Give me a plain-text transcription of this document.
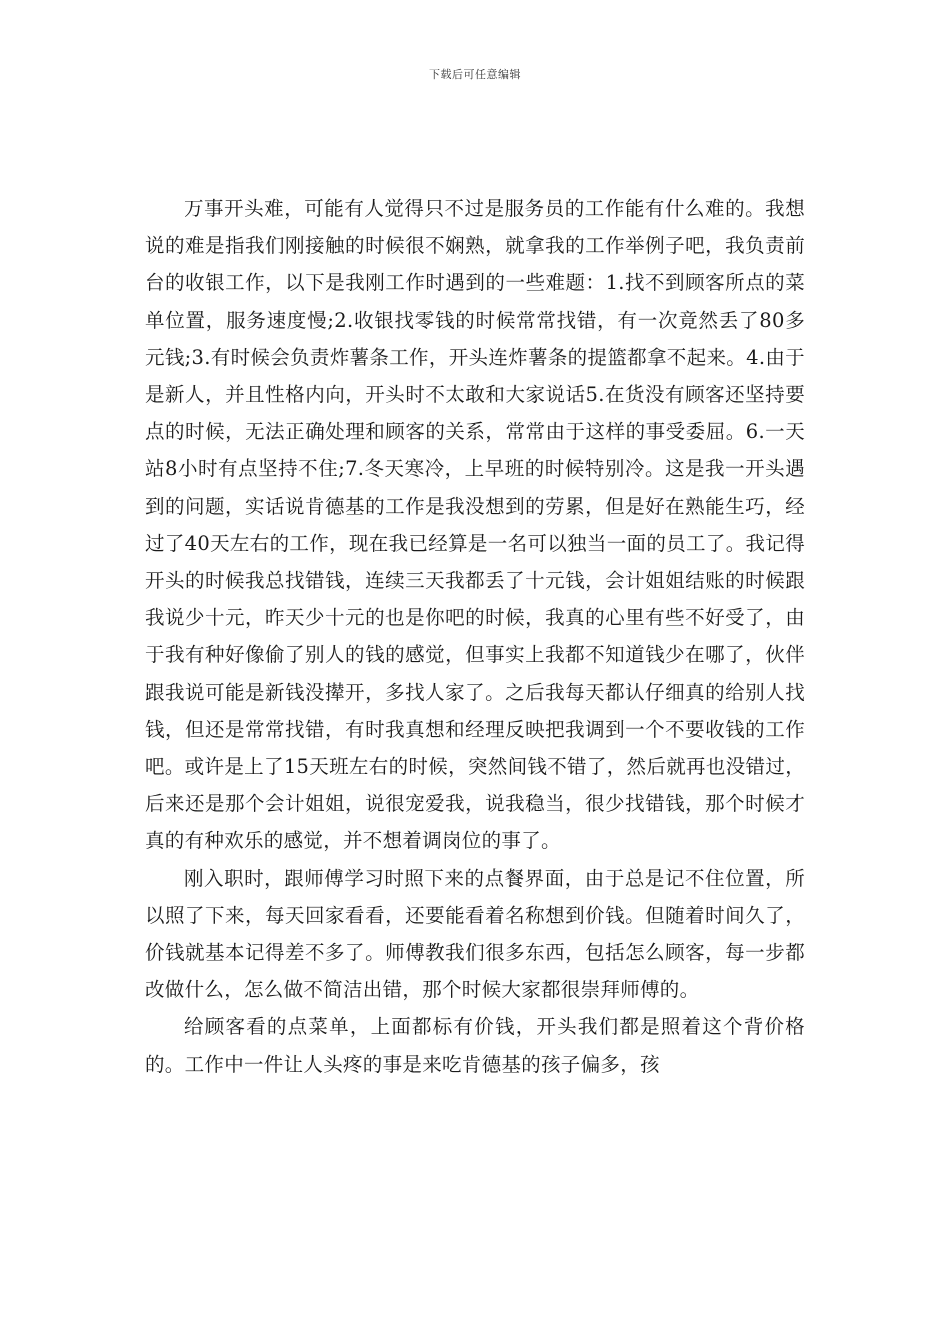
下载后可任意编辑

万事开头难，可能有人觉得只不过是服务员的工作能有什么难的。我想说的难是指我们刚接触的时候很不娴熟，就拿我的工作举例子吧，我负责前台的收银工作，以下是我刚工作时遇到的一些难题：1.找不到顾客所点的菜单位置，服务速度慢;2.收银找零钱的时候常常找错，有一次竟然丢了80多元钱;3.有时候会负责炸薯条工作，开头连炸薯条的提篮都拿不起来。4.由于是新人，并且性格内向，开头时不太敢和大家说话5.在货没有顾客还坚持要点的时候，无法正确处理和顾客的关系，常常由于这样的事受委屈。6.一天站8小时有点坚持不住;7.冬天寒冷，上早班的时候特别冷。这是我一开头遇到的问题，实话说肯德基的工作是我没想到的劳累，但是好在熟能生巧，经过了40天左右的工作，现在我已经算是一名可以独当一面的员工了。我记得开头的时候我总找错钱，连续三天我都丢了十元钱，会计姐姐结账的时候跟我说少十元，昨天少十元的也是你吧的时候，我真的心里有些不好受了，由于我有种好像偷了别人的钱的感觉，但事实上我都不知道钱少在哪了，伙伴跟我说可能是新钱没撵开，多找人家了。之后我每天都认仔细真的给别人找钱，但还是常常找错，有时我真想和经理反映把我调到一个不要收钱的工作吧。或许是上了15天班左右的时候，突然间钱不错了，然后就再也没错过，后来还是那个会计姐姐，说很宠爱我，说我稳当，很少找错钱，那个时候才真的有种欢乐的感觉，并不想着调岗位的事了。

刚入职时，跟师傅学习时照下来的点餐界面，由于总是记不住位置，所以照了下来，每天回家看看，还要能看着名称想到价钱。但随着时间久了，价钱就基本记得差不多了。师傅教我们很多东西，包括怎么顾客，每一步都改做什么，怎么做不简洁出错，那个时候大家都很崇拜师傅的。

给顾客看的点菜单，上面都标有价钱，开头我们都是照着这个背价格的。工作中一件让人头疼的事是来吃肯德基的孩子偏多，孩
